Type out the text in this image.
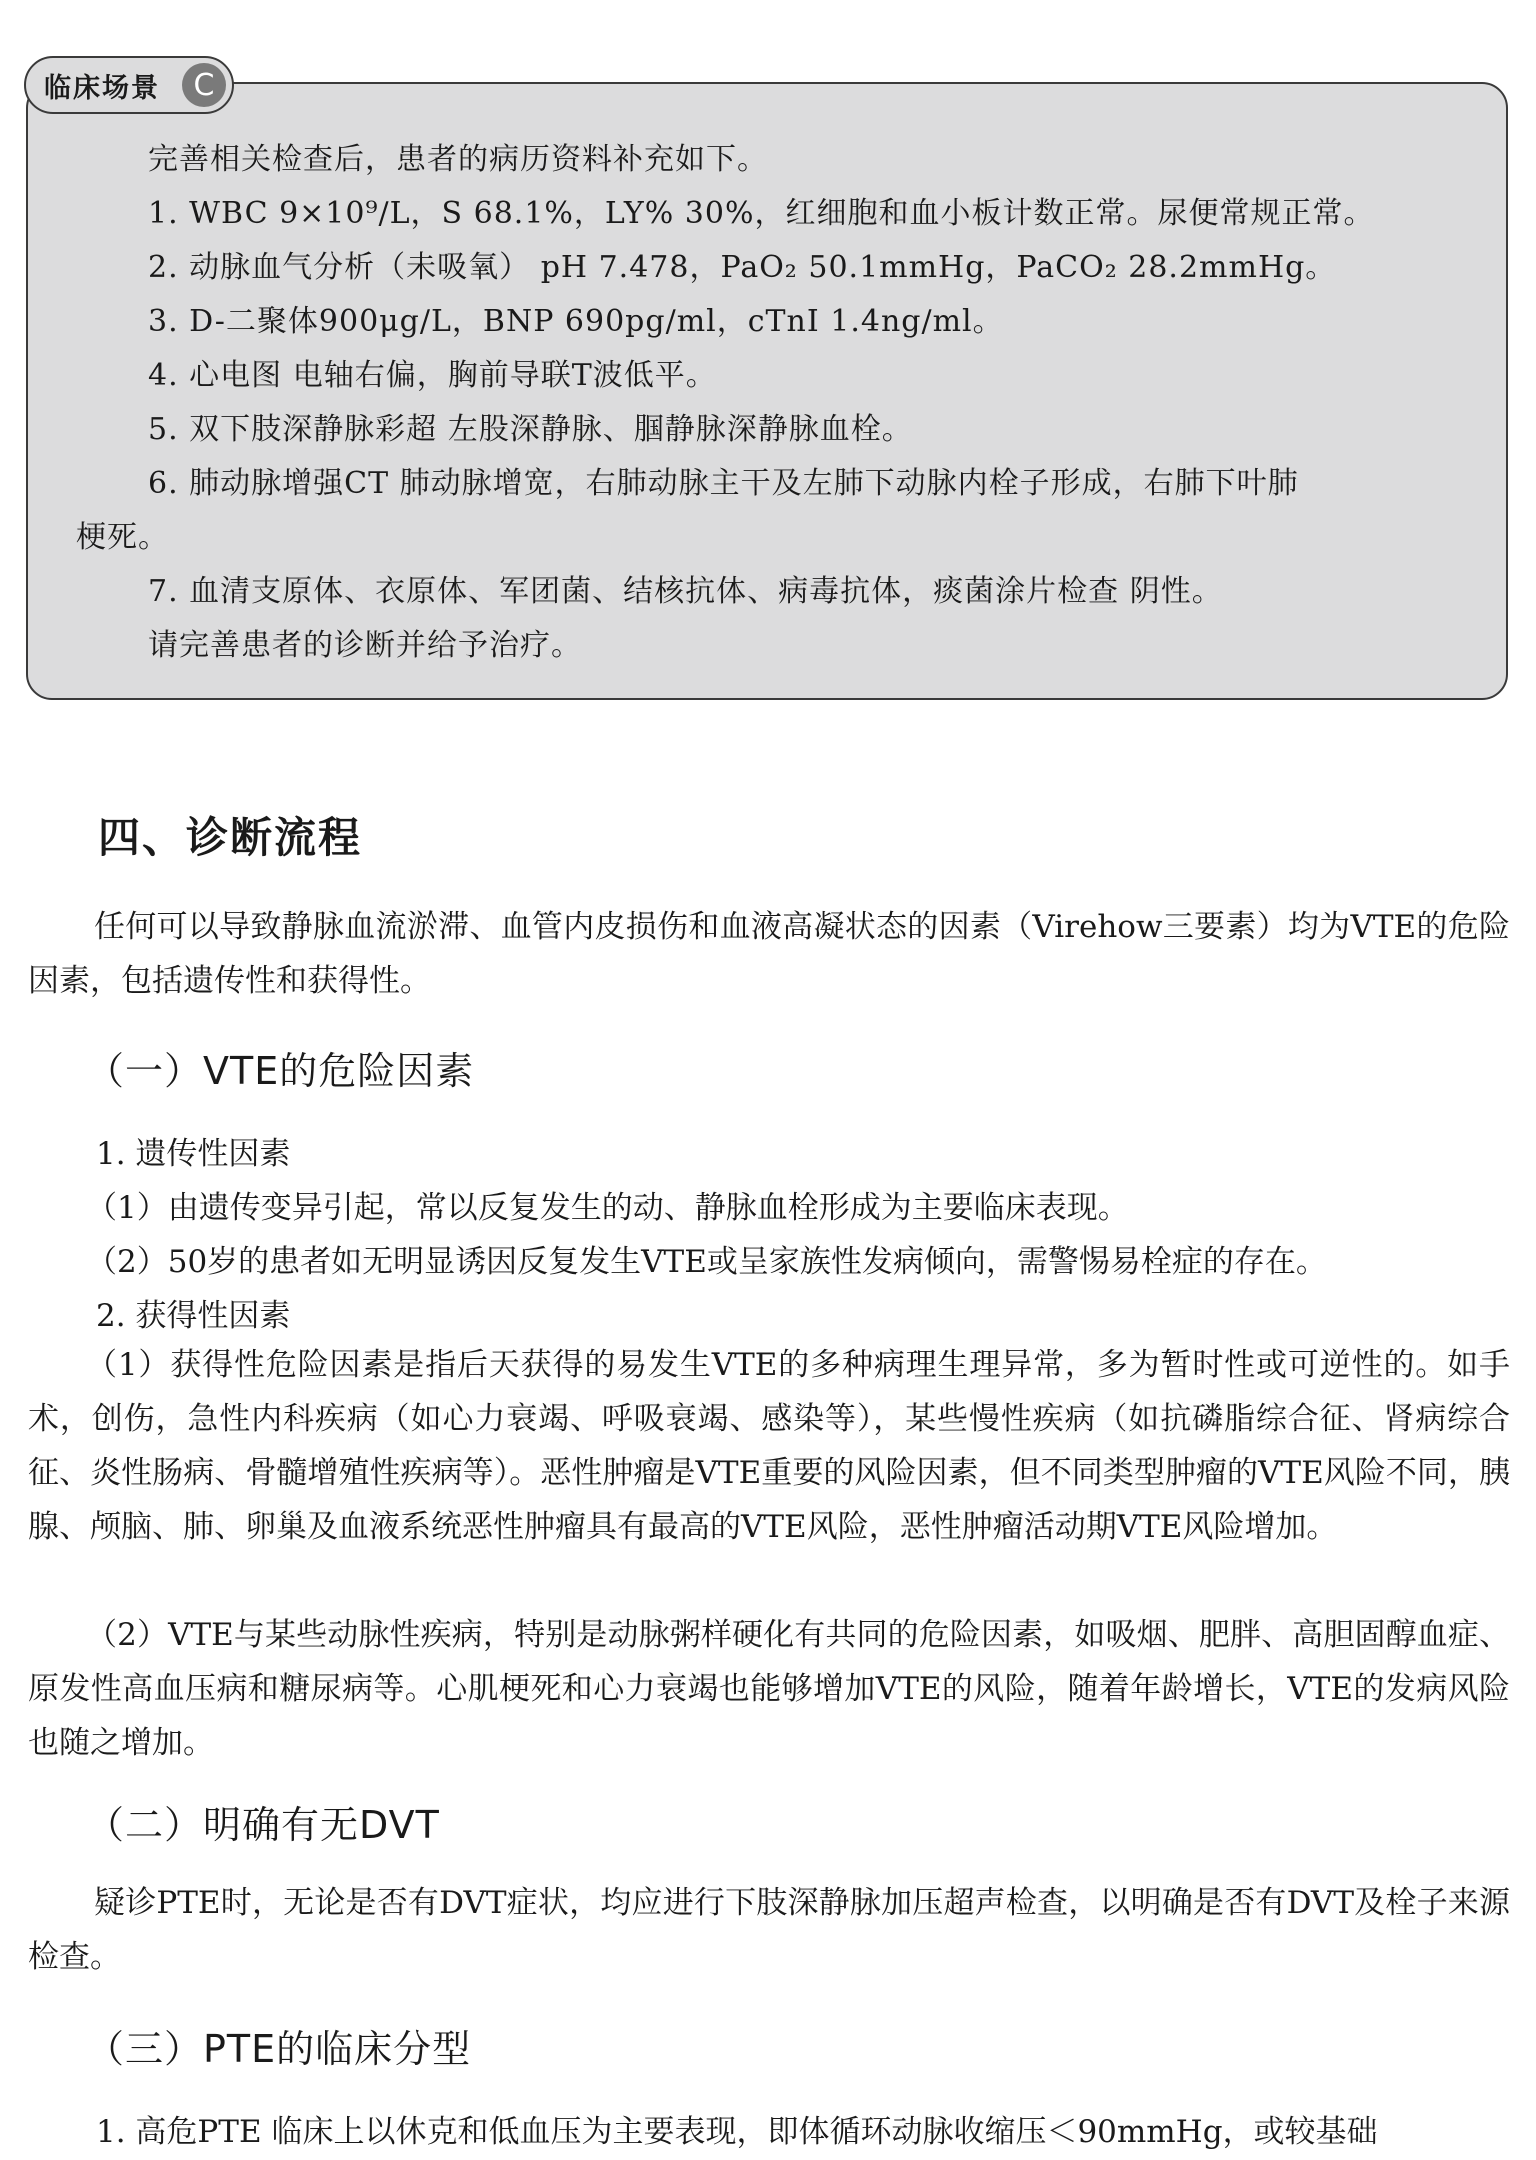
完善相关检查后，患者的病历资料补充如下。
1. WBC 9×10⁹/L，S 68.1%，LY% 30%，红细胞和血小板计数正常。尿便常规正常。
2. 动脉血气分析（未吸氧） pH 7.478，PaO₂ 50.1mmHg，PaCO₂ 28.2mmHg。
3. D-二聚体900μg/L，BNP 690pg/ml，cTnI 1.4ng/ml。
4. 心电图 电轴右偏，胸前导联T波低平。
5. 双下肢深静脉彩超 左股深静脉、腘静脉深静脉血栓。
6. 肺动脉增强CT 肺动脉增宽，右肺动脉主干及左肺下动脉内栓子形成，右肺下叶肺
梗死。
7. 血清支原体、衣原体、军团菌、结核抗体、病毒抗体，痰菌涂片检查 阴性。
请完善患者的诊断并给予治疗。
临床场景	C
四、诊断流程

任何可以导致静脉血流淤滞、血管内皮损伤和血液高凝状态的因素（Virehow三要素）均为VTE的危险因素，包括遗传性和获得性。

（一）VTE的危险因素
1. 遗传性因素
（1）由遗传变异引起，常以反复发生的动、静脉血栓形成为主要临床表现。
（2）50岁的患者如无明显诱因反复发生VTE或呈家族性发病倾向，需警惕易栓症的存在。
2. 获得性因素

（1）获得性危险因素是指后天获得的易发生VTE的多种病理生理异常，多为暂时性或可逆性的。如手术，创伤，急性内科疾病（如心力衰竭、呼吸衰竭、感染等），某些慢性疾病（如抗磷脂综合征、肾病综合征、炎性肠病、骨髓增殖性疾病等）。恶性肿瘤是VTE重要的风险因素，但不同类型肿瘤的VTE风险不同，胰腺、颅脑、肺、卵巢及血液系统恶性肿瘤具有最高的VTE风险，恶性肿瘤活动期VTE风险增加。

（2）VTE与某些动脉性疾病，特别是动脉粥样硬化有共同的危险因素，如吸烟、肥胖、高胆固醇血症、原发性高血压病和糖尿病等。心肌梗死和心力衰竭也能够增加VTE的风险，随着年龄增长，VTE的发病风险也随之增加。

（二）明确有无DVT

疑诊PTE时，无论是否有DVT症状，均应进行下肢深静脉加压超声检查，以明确是否有DVT及栓子来源检查。

（三）PTE的临床分型
1. 高危PTE 临床上以休克和低血压为主要表现，即体循环动脉收缩压＜90mmHg，或较基础
